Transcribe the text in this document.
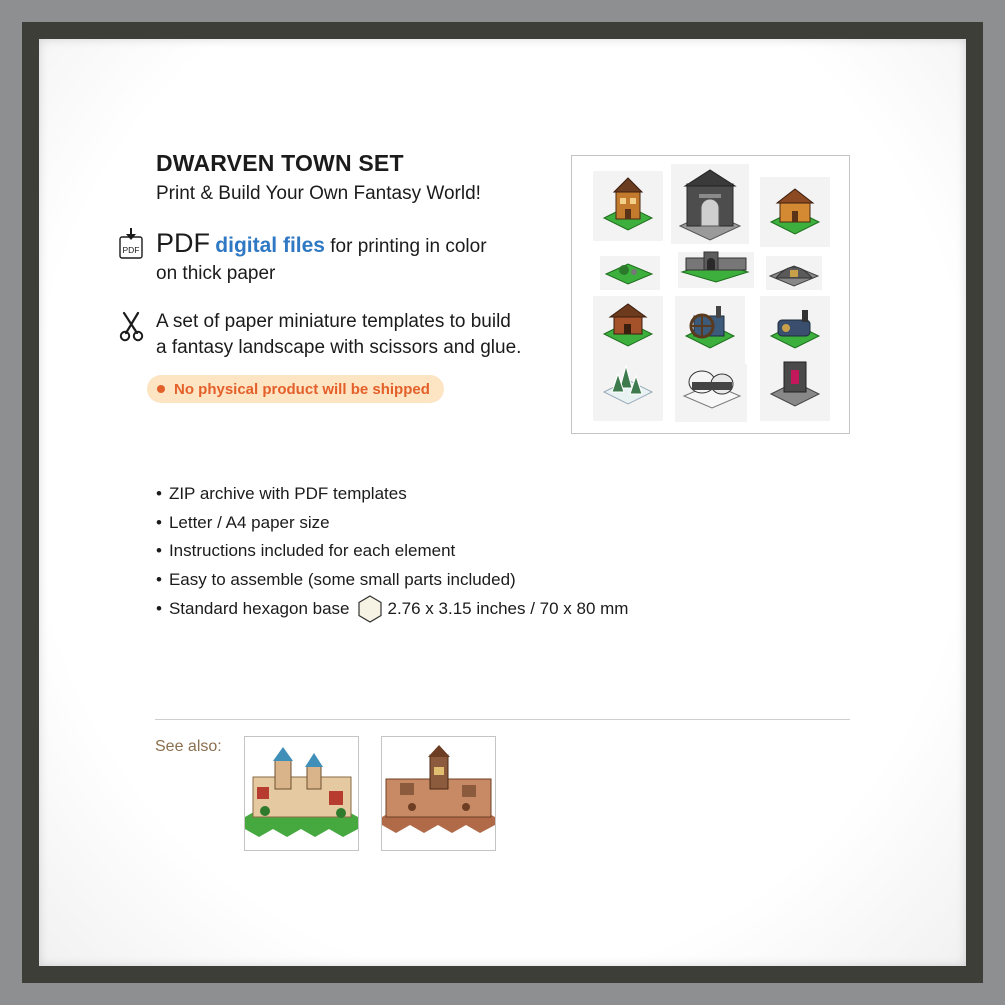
DWARVEN TOWN SET
Print & Build Your Own Fantasy World!
PDF PDF digital files for printing in color
on thick paper
A set of paper miniature templates to build
a fantasy landscape with scissors and glue.
No physical product will be shipped
• ZIP archive with PDF templates
• Letter / A4 paper size
• Instructions included for each element
• Easy to assemble (some small parts included)
• Standard hexagon base 2.76 x 3.15 inches / 70 x 80 mm
See also:
